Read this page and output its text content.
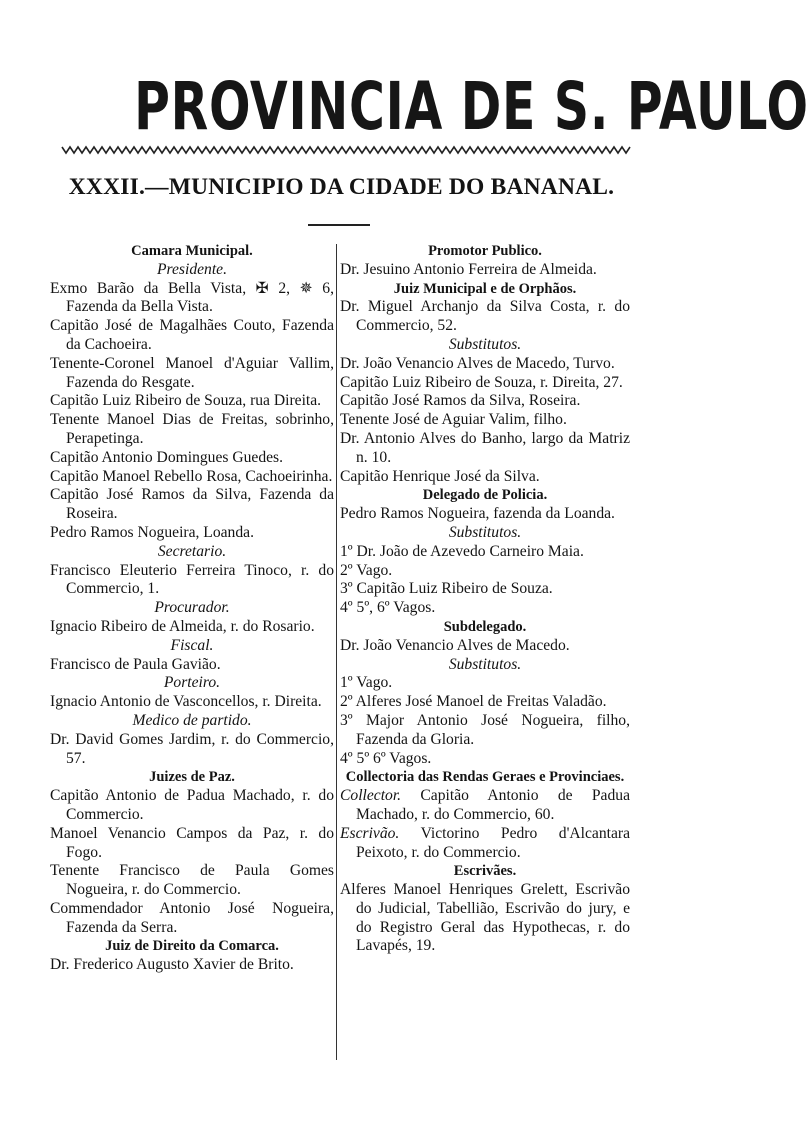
PROVINCIA DE S. PAULO
XXXII.—MUNICIPIO DA CIDADE DO BANANAL.
Camara Municipal.
Presidente.
Exmo Barão da Bella Vista, ✠ 2, ✵ 6, Fazenda da Bella Vista.
Capitão José de Magalhães Couto, Fazenda da Cachoeira.
Tenente-Coronel Manoel d'Aguiar Vallim, Fazenda do Resgate.
Capitão Luiz Ribeiro de Souza, rua Direita.
Tenente Manoel Dias de Freitas, sobrinho, Perapetinga.
Capitão Antonio Domingues Guedes.
Capitão Manoel Rebello Rosa, Cachoeirinha.
Capitão José Ramos da Silva, Fazenda da Roseira.
Pedro Ramos Nogueira, Loanda.
Secretario.
Francisco Eleuterio Ferreira Tinoco, r. do Commercio, 1.
Procurador.
Ignacio Ribeiro de Almeida, r. do Rosario.
Fiscal.
Francisco de Paula Gavião.
Porteiro.
Ignacio Antonio de Vasconcellos, r. Direita.
Medico de partido.
Dr. David Gomes Jardim, r. do Commercio, 57.
Juizes de Paz.
Capitão Antonio de Padua Machado, r. do Commercio.
Manoel Venancio Campos da Paz, r. do Fogo.
Tenente Francisco de Paula Gomes Nogueira, r. do Commercio.
Commendador Antonio José Nogueira, Fazenda da Serra.
Juiz de Direito da Comarca.
Dr. Frederico Augusto Xavier de Brito.
Promotor Publico.
Dr. Jesuino Antonio Ferreira de Almeida.
Juiz Municipal e de Orphãos.
Dr. Miguel Archanjo da Silva Costa, r. do Commercio, 52.
Substitutos.
Dr. João Venancio Alves de Macedo, Turvo.
Capitão Luiz Ribeiro de Souza, r. Direita, 27.
Capitão José Ramos da Silva, Roseira.
Tenente José de Aguiar Valim, filho.
Dr. Antonio Alves do Banho, largo da Matriz n. 10.
Capitão Henrique José da Silva.
Delegado de Policia.
Pedro Ramos Nogueira, fazenda da Loanda.
Substitutos.
1º Dr. João de Azevedo Carneiro Maia.
2º Vago.
3º Capitão Luiz Ribeiro de Souza.
4º 5º, 6º Vagos.
Subdelegado.
Dr. João Venancio Alves de Macedo.
Substitutos.
1º Vago.
2º Alferes José Manoel de Freitas Valadão.
3º Major Antonio José Nogueira, filho, Fazenda da Gloria.
4º 5º 6º Vagos.
Collectoria das Rendas Geraes e Provinciaes.
Collector. Capitão Antonio de Padua Machado, r. do Commercio, 60.
Escrivão. Victorino Pedro d'Alcantara Peixoto, r. do Commercio.
Escrivães.
Alferes Manoel Henriques Grelett, Escrivão do Judicial, Tabellião, Escrivão do jury, e do Registro Geral das Hypothecas, r. do Lavapés, 19.
